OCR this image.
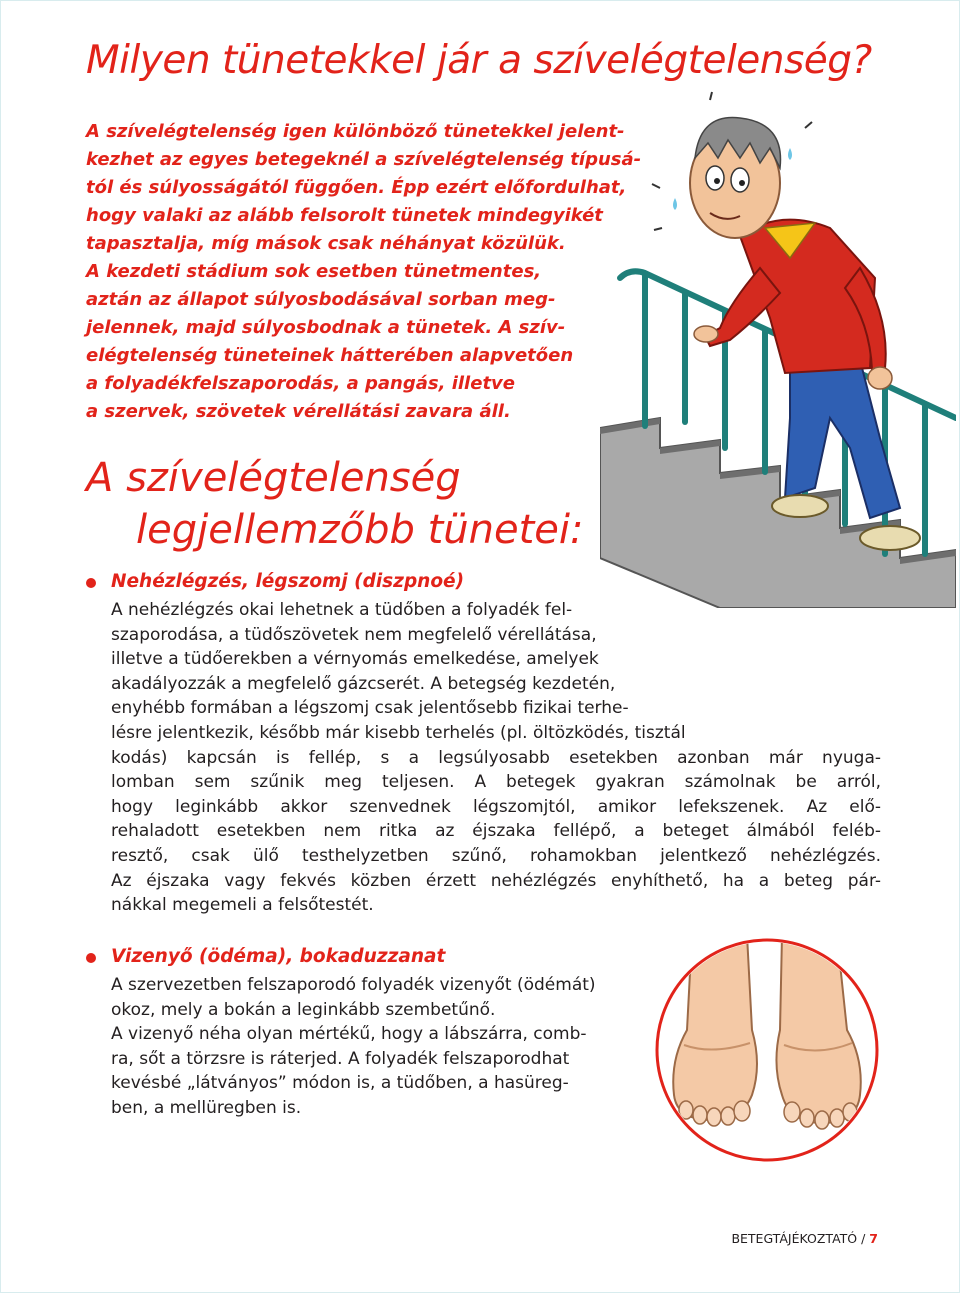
Milyen tünetekkel jár a szívelégtelenség?
A szívelégtelenség igen különböző tünetekkel jelent-
kezhet az egyes betegeknél a szívelégtelenség típusá-
tól és súlyosságától függően. Épp ezért előfordulhat,
hogy valaki az alább felsorolt tünetek mindegyikét
tapasztalja, míg mások csak néhányat közülük.
A kezdeti stádium sok esetben tünetmentes,
aztán az állapot súlyosbodásával sorban meg-
jelennek, majd súlyosbodnak a tünetek. A szív-
elégtelenség tüneteinek hátterében alapvetően
a folyadékfelszaporodás, a pangás, illetve
a szervek, szövetek vérellátási zavara áll.
A szívelégtelenség
legjellemzőbb tünetei:
Nehézlégzés, légszomj (diszpnoé)
A nehézlégzés okai lehetnek a tüdőben a folyadék fel-
szaporodása, a tüdőszövetek nem megfelelő vérellátása,
illetve a tüdőerekben a vérnyomás emelkedése, amelyek
akadályozzák a megfelelő gázcserét. A betegség kezdetén,
enyhébb formában a légszomj csak jelentősebb fizikai terhe-
lésre jelentkezik, később már kisebb terhelés (pl. öltözködés, tisztál
kodás) kapcsán is fellép, s a legsúlyosabb esetekben azonban már nyuga-
lomban sem szűnik meg teljesen. A betegek gyakran számolnak be arról,
hogy leginkább akkor szenvednek légszomjtól, amikor lefekszenek. Az elő-
rehaladott esetekben nem ritka az éjszaka fellépő, a beteget álmából feléb-
resztő, csak ülő testhelyzetben szűnő, rohamokban jelentkező nehézlégzés.
Az éjszaka vagy fekvés közben érzett nehézlégzés enyhíthető, ha a beteg pár-
nákkal megemeli a felsőtestét.
Vizenyő (ödéma), bokaduzzanat
A szervezetben felszaporodó folyadék vizenyőt (ödémát)
okoz, mely a bokán a leginkább szembetűnő.
A vizenyő néha olyan mértékű, hogy a lábszárra, comb-
ra, sőt a törzsre is ráterjed. A folyadék felszaporodhat
kevésbé „látványos” módon is, a tüdőben, a hasüreg-
ben, a mellüregben is.
BETEGTÁJÉKOZTATÓ / 7
